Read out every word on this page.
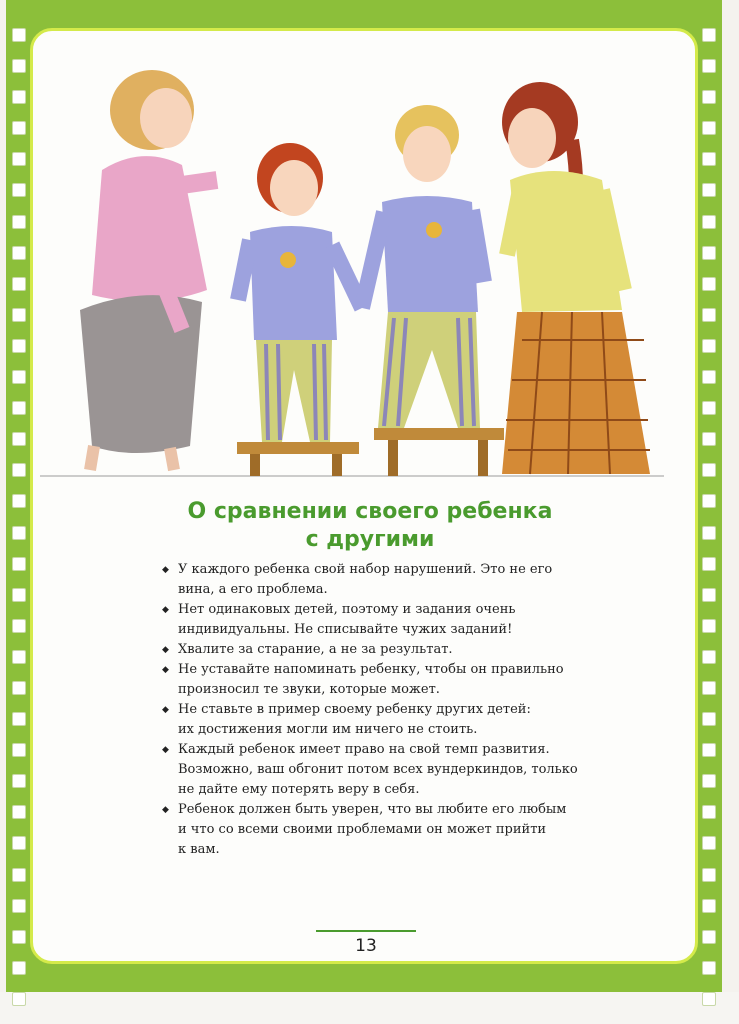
О сравнении своего ребенка
с другими
◆ У каждого ребенка свой набор нарушений. Это не его
вина, а его проблема.
◆ Нет одинаковых детей, поэтому и задания очень
индивидуальны. Не списывайте чужих заданий!
◆ Хвалите за старание, а не за результат.
◆ Не уставайте напоминать ребенку, чтобы он правильно
произносил те звуки, которые может.
◆ Не ставьте в пример своему ребенку других детей:
их достижения могли им ничего не стоить.
◆ Каждый ребенок имеет право на свой темп развития.
Возможно, ваш обгонит потом всех вундеркиндов, только
не дайте ему потерять веру в себя.
◆ Ребенок должен быть уверен, что вы любите его любым
и что со всеми своими проблемами он может прийти
к вам.
13
